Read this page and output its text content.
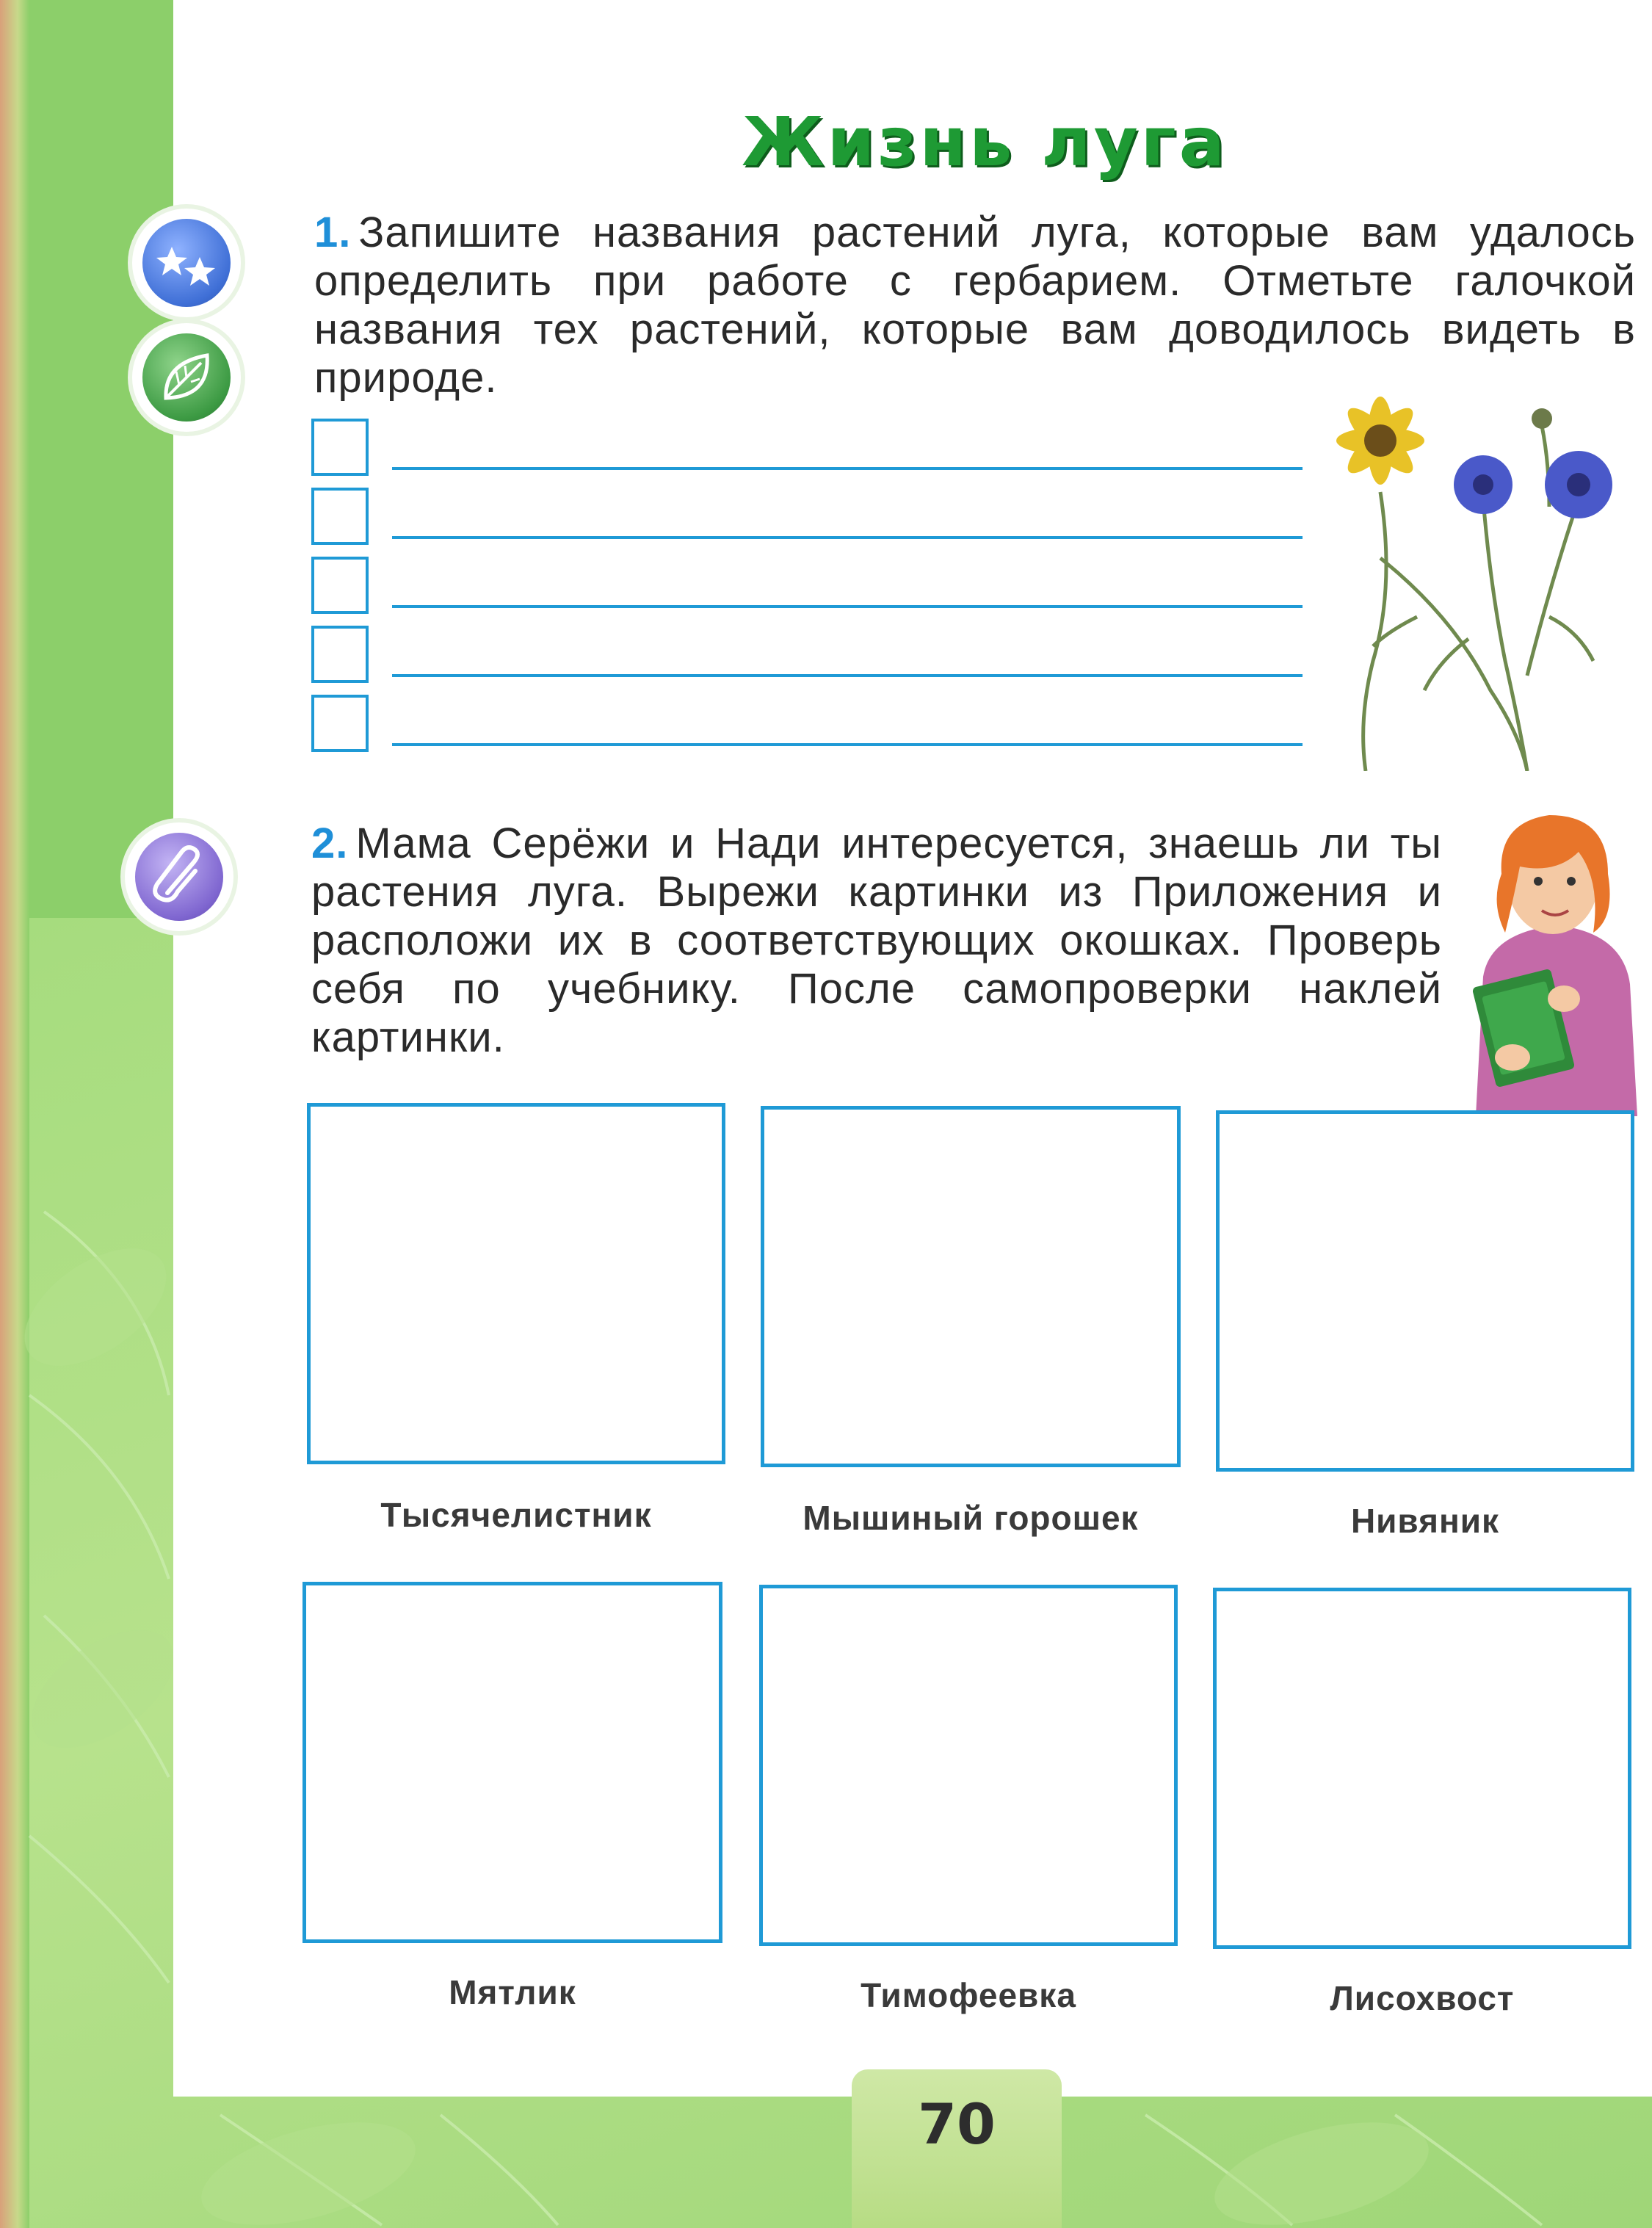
Жизнь луга
1. Запишите названия растений луга, которые вам удалось определить при работе с гербарием. Отметьте галочкой названия тех растений, которые вам доводилось видеть в природе.
2. Мама Серёжи и Нади интересуется, знаешь ли ты растения луга. Вырежи картинки из Приложения и расположи их в соответствующих окошках. Проверь себя по учебнику. После самопроверки наклей картинки.
Тысячелистник	Мышиный горошек	Нивяник
Мятлик	Тимофеевка	Лисохвост
70
